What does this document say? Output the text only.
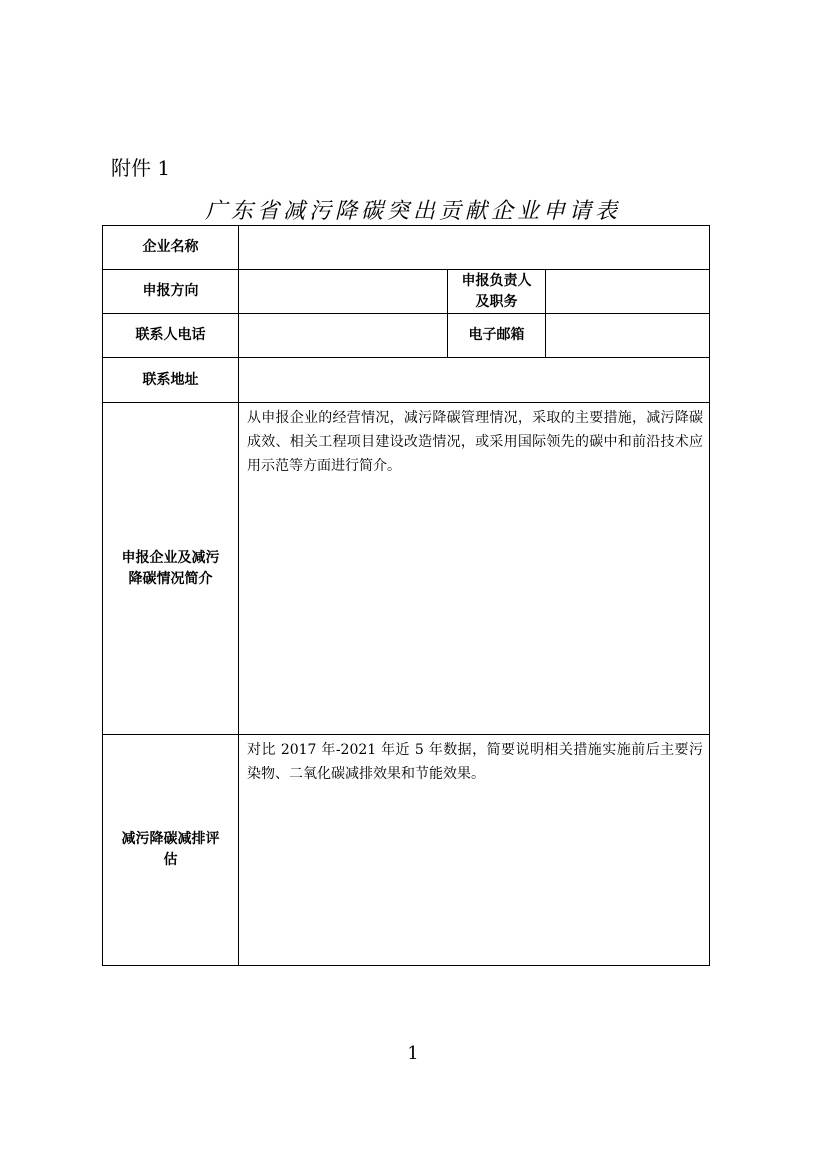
附件 1
广东省减污降碳突出贡献企业申请表
企业名称			
申报方向		申报负责人
及职务	
联系人电话		电子邮箱	
联系地址			
申报企业及减污
降碳情况简介	从申报企业的经营情况，减污降碳管理情况，采取的主要措施，减污降碳成效、相关工程项目建设改造情况，或采用国际领先的碳中和前沿技术应用示范等方面进行简介。		

减污降碳减排评
估	对比 2017 年-2021 年近 5 年数据，简要说明相关措施实施前后主要污染物、二氧化碳减排效果和节能效果。		
1
